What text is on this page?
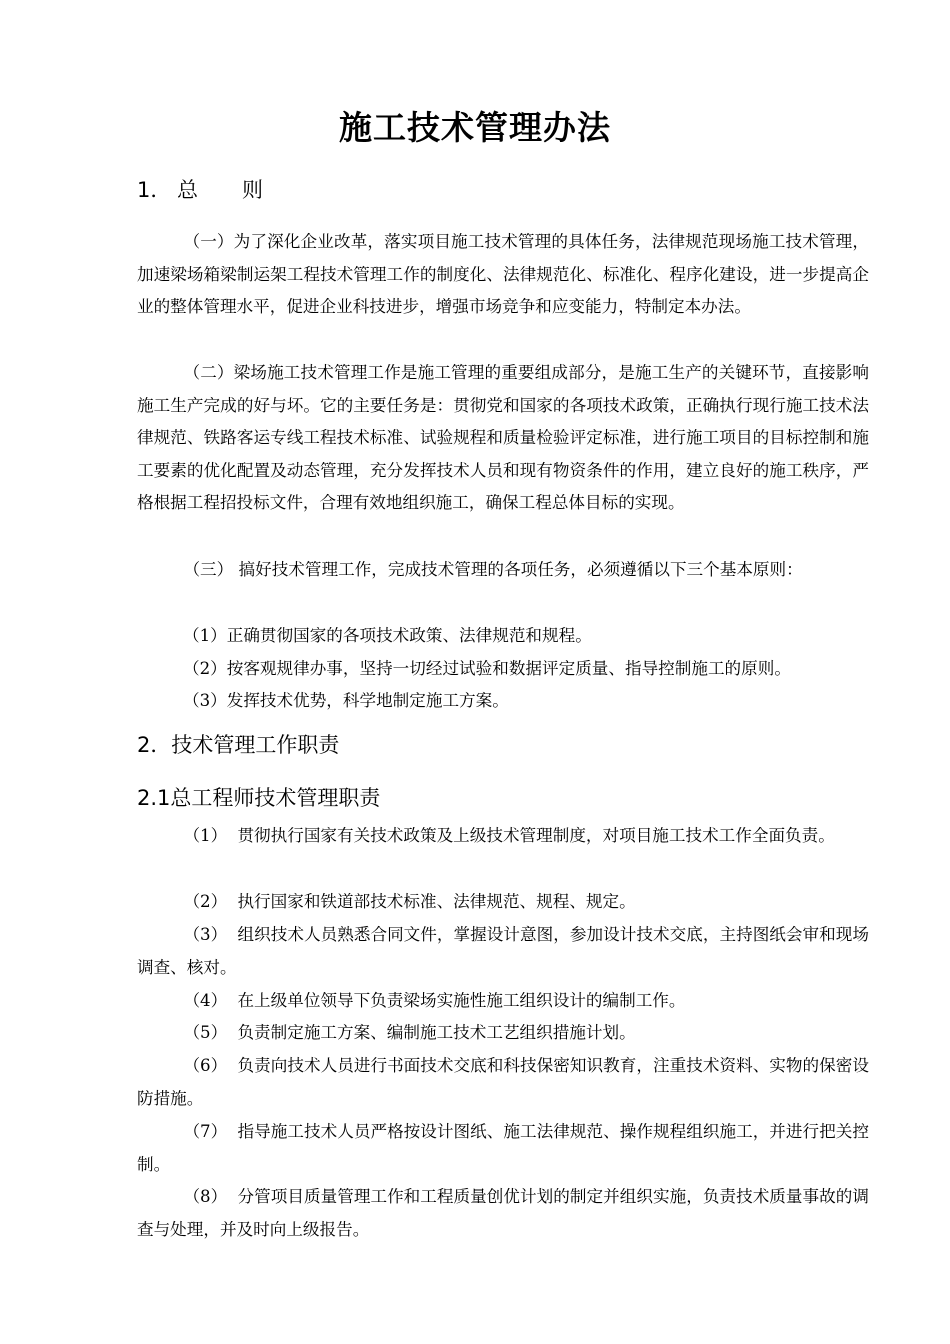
施工技术管理办法
1． 总 则

（一）为了深化企业改革，落实项目施工技术管理的具体任务，法律规范现场施工技术管理，加速梁场箱梁制运架工程技术管理工作的制度化、法律规范化、标准化、程序化建设，进一步提高企业的整体管理水平，促进企业科技进步，增强市场竞争和应变能力，特制定本办法。

（二）梁场施工技术管理工作是施工管理的重要组成部分，是施工生产的关键环节，直接影响施工生产完成的好与坏。它的主要任务是：贯彻党和国家的各项技术政策，正确执行现行施工技术法律规范、铁路客运专线工程技术标准、试验规程和质量检验评定标准，进行施工项目的目标控制和施工要素的优化配置及动态管理，充分发挥技术人员和现有物资条件的作用，建立良好的施工秩序，严格根据工程招投标文件，合理有效地组织施工，确保工程总体目标的实现。

（三） 搞好技术管理工作，完成技术管理的各项任务，必须遵循以下三个基本原则：

（1）正确贯彻国家的各项技术政策、法律规范和规程。

（2）按客观规律办事，坚持一切经过试验和数据评定质量、指导控制施工的原则。

（3）发挥技术优势，科学地制定施工方案。

2．技术管理工作职责
2.1总工程师技术管理职责

（1） 贯彻执行国家有关技术政策及上级技术管理制度，对项目施工技术工作全面负责。

（2） 执行国家和铁道部技术标准、法律规范、规程、规定。

（3） 组织技术人员熟悉合同文件，掌握设计意图，参加设计技术交底，主持图纸会审和现场调查、核对。

（4） 在上级单位领导下负责梁场实施性施工组织设计的编制工作。

（5） 负责制定施工方案、编制施工技术工艺组织措施计划。

（6） 负责向技术人员进行书面技术交底和科技保密知识教育，注重技术资料、实物的保密设防措施。

（7） 指导施工技术人员严格按设计图纸、施工法律规范、操作规程组织施工，并进行把关控制。

（8） 分管项目质量管理工作和工程质量创优计划的制定并组织实施，负责技术质量事故的调查与处理，并及时向上级报告。
